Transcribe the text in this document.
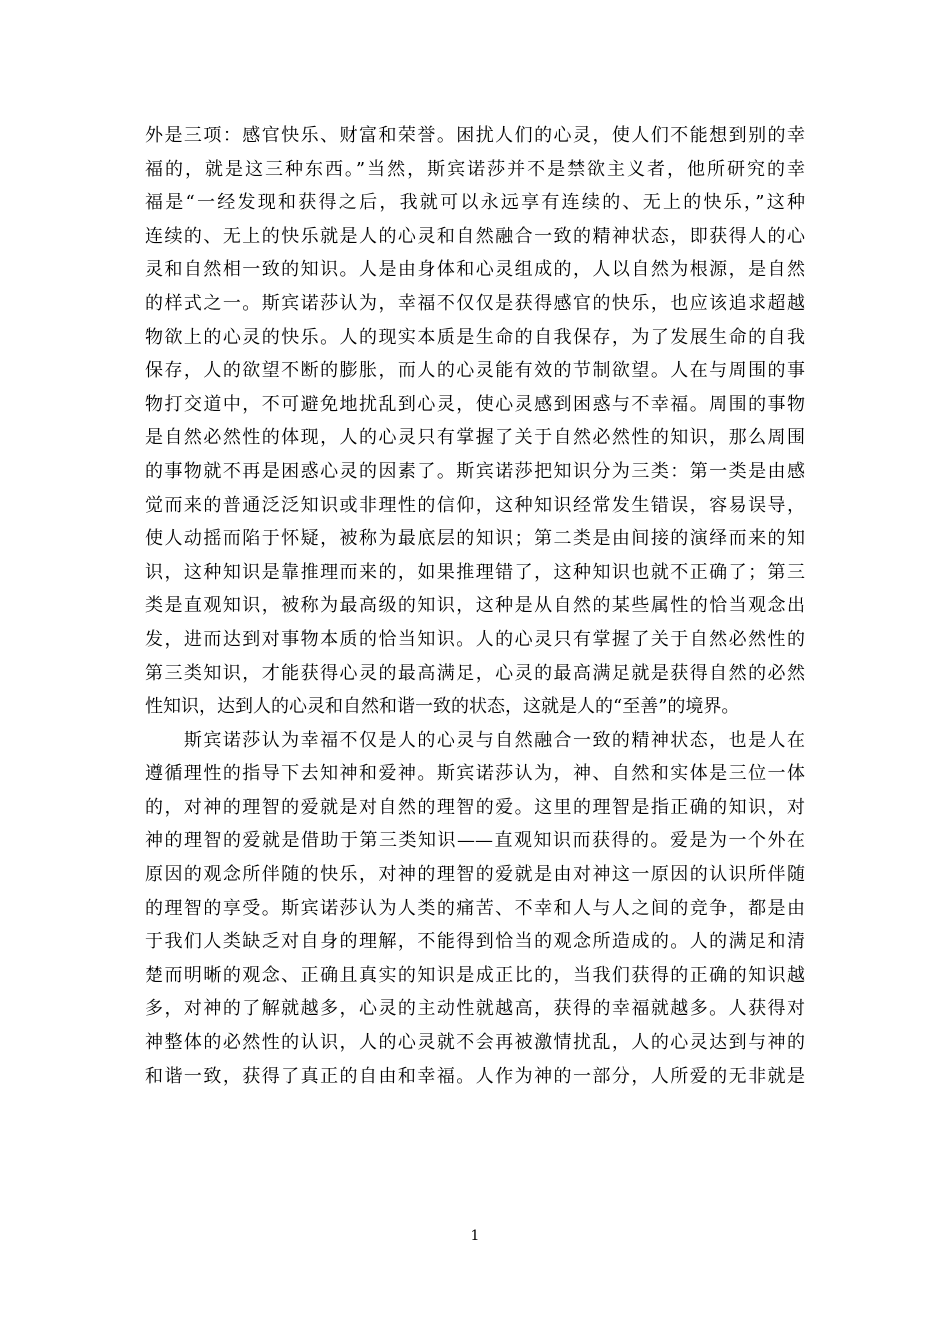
外是三项：感官快乐、财富和荣誉。困扰人们的心灵，使人们不能想到别的幸
福的，就是这三种东西。”当然，斯宾诺莎并不是禁欲主义者，他所研究的幸
福是“一经发现和获得之后，我就可以永远享有连续的、无上的快乐，”这种
连续的、无上的快乐就是人的心灵和自然融合一致的精神状态，即获得人的心
灵和自然相一致的知识。人是由身体和心灵组成的，人以自然为根源，是自然
的样式之一。斯宾诺莎认为，幸福不仅仅是获得感官的快乐，也应该追求超越
物欲上的心灵的快乐。人的现实本质是生命的自我保存，为了发展生命的自我
保存，人的欲望不断的膨胀，而人的心灵能有效的节制欲望。人在与周围的事
物打交道中，不可避免地扰乱到心灵，使心灵感到困惑与不幸福。周围的事物
是自然必然性的体现，人的心灵只有掌握了关于自然必然性的知识，那么周围
的事物就不再是困惑心灵的因素了。斯宾诺莎把知识分为三类：第一类是由感
觉而来的普通泛泛知识或非理性的信仰，这种知识经常发生错误，容易误导，
使人动摇而陷于怀疑，被称为最底层的知识；第二类是由间接的演绎而来的知
识，这种知识是靠推理而来的，如果推理错了，这种知识也就不正确了；第三
类是直观知识，被称为最高级的知识，这种是从自然的某些属性的恰当观念出
发，进而达到对事物本质的恰当知识。人的心灵只有掌握了关于自然必然性的
第三类知识，才能获得心灵的最高满足，心灵的最高满足就是获得自然的必然
性知识，达到人的心灵和自然和谐一致的状态，这就是人的“至善”的境界。
　　斯宾诺莎认为幸福不仅是人的心灵与自然融合一致的精神状态，也是人在
遵循理性的指导下去知神和爱神。斯宾诺莎认为，神、自然和实体是三位一体
的，对神的理智的爱就是对自然的理智的爱。这里的理智是指正确的知识，对
神的理智的爱就是借助于第三类知识——直观知识而获得的。爱是为一个外在
原因的观念所伴随的快乐，对神的理智的爱就是由对神这一原因的认识所伴随
的理智的享受。斯宾诺莎认为人类的痛苦、不幸和人与人之间的竞争，都是由
于我们人类缺乏对自身的理解，不能得到恰当的观念所造成的。人的满足和清
楚而明晰的观念、正确且真实的知识是成正比的，当我们获得的正确的知识越
多，对神的了解就越多，心灵的主动性就越高，获得的幸福就越多。人获得对
神整体的必然性的认识，人的心灵就不会再被激情扰乱，人的心灵达到与神的
和谐一致，获得了真正的自由和幸福。人作为神的一部分，人所爱的无非就是
1
